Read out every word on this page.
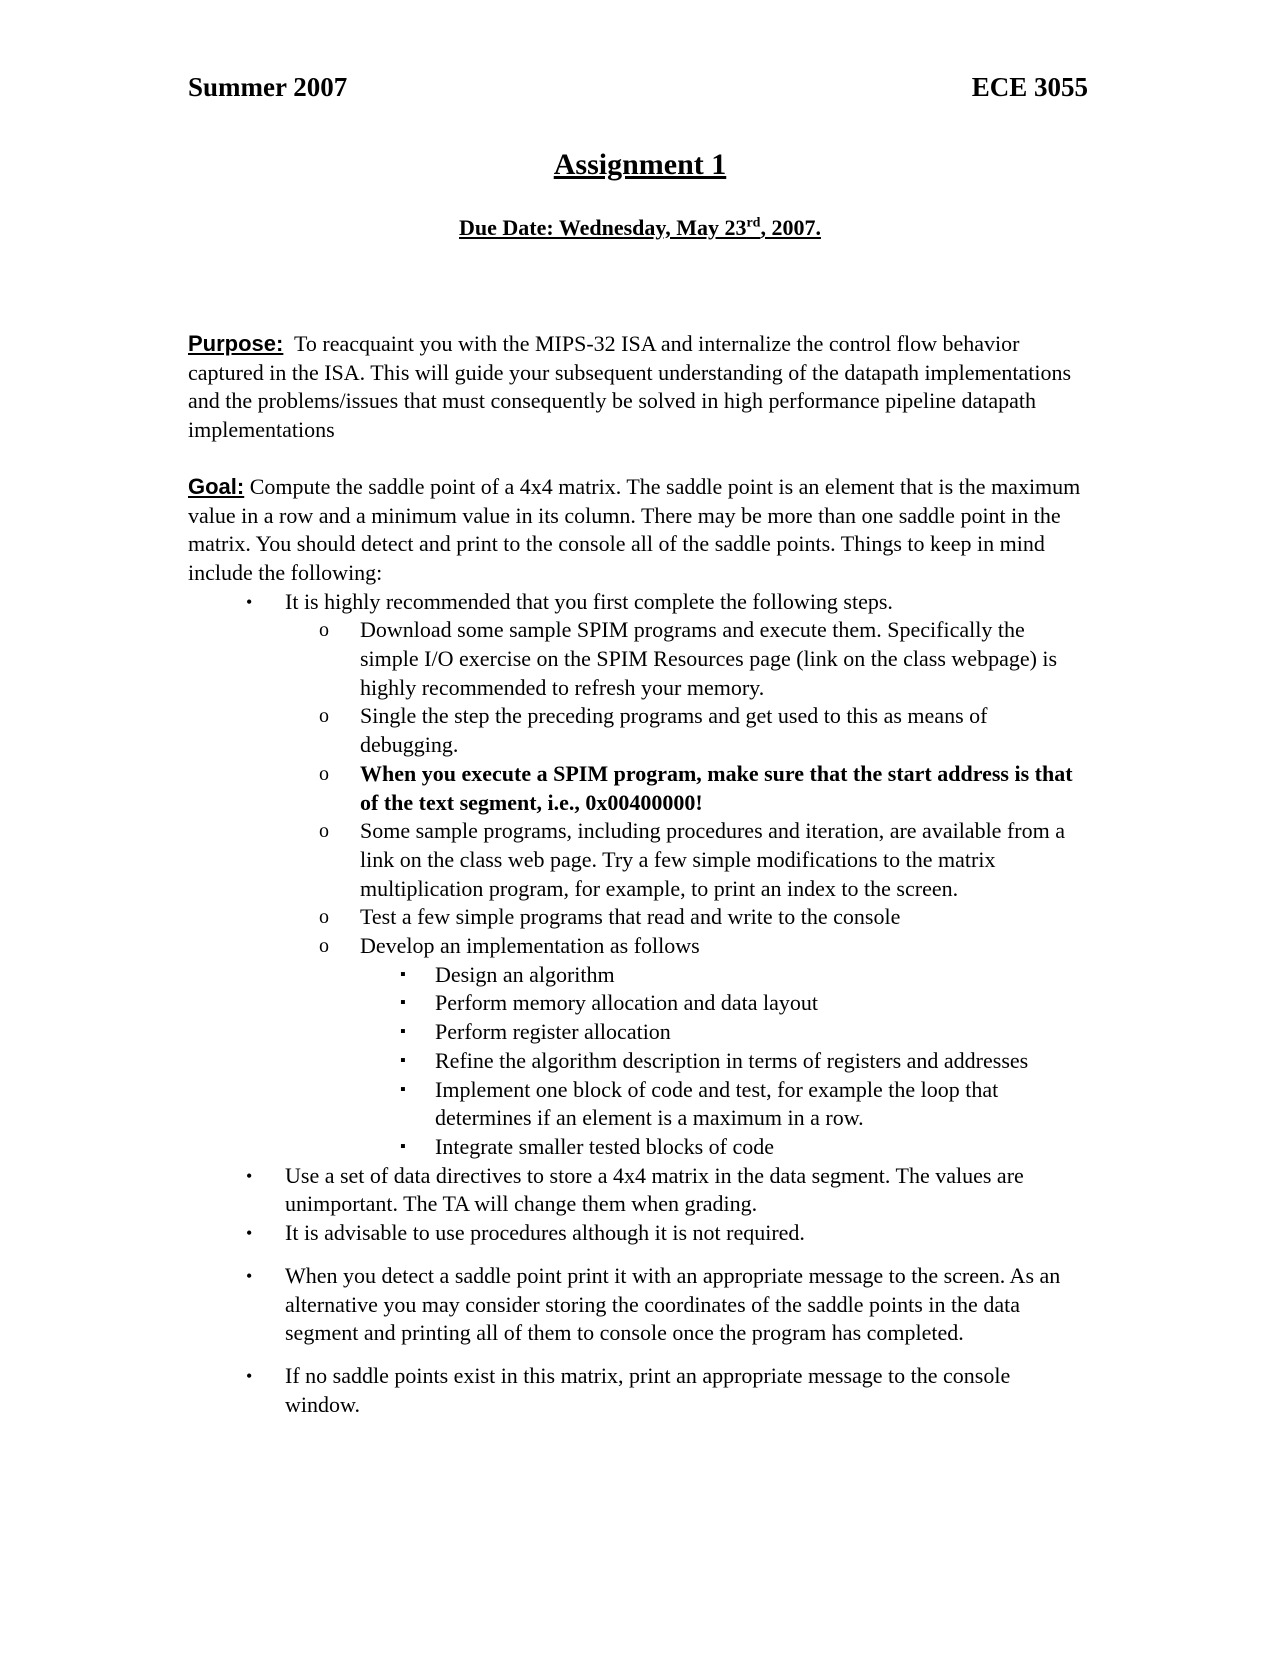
Summer 2007	ECE 3055
Assignment 1
Due Date: Wednesday, May 23rd, 2007.

Purpose: To reacquaint you with the MIPS-32 ISA and internalize the control flow behavior captured in the ISA. This will guide your subsequent understanding of the datapath implementations and the problems/issues that must consequently be solved in high performance pipeline datapath implementations

Goal: Compute the saddle point of a 4x4 matrix. The saddle point is an element that is the maximum value in a row and a minimum value in its column. There may be more than one saddle point in the matrix. You should detect and print to the console all of the saddle points. Things to keep in mind include the following:

• It is highly recommended that you first complete the following steps.
o Download some sample SPIM programs and execute them. Specifically the simple I/O exercise on the SPIM Resources page (link on the class webpage) is highly recommended to refresh your memory.
o Single the step the preceding programs and get used to this as means of debugging.
o When you execute a SPIM program, make sure that the start address is that of the text segment, i.e., 0x00400000!
o Some sample programs, including procedures and iteration, are available from a link on the class web page. Try a few simple modifications to the matrix multiplication program, for example, to print an index to the screen.
o Test a few simple programs that read and write to the console
o Develop an implementation as follows
▪ Design an algorithm
▪ Perform memory allocation and data layout
▪ Perform register allocation
▪ Refine the algorithm description in terms of registers and addresses
▪ Implement one block of code and test, for example the loop that determines if an element is a maximum in a row.
▪ Integrate smaller tested blocks of code
• Use a set of data directives to store a 4x4 matrix in the data segment. The values are unimportant. The TA will change them when grading.
• It is advisable to use procedures although it is not required.
• When you detect a saddle point print it with an appropriate message to the screen. As an alternative you may consider storing the coordinates of the saddle points in the data segment and printing all of them to console once the program has completed.
• If no saddle points exist in this matrix, print an appropriate message to the console window.
